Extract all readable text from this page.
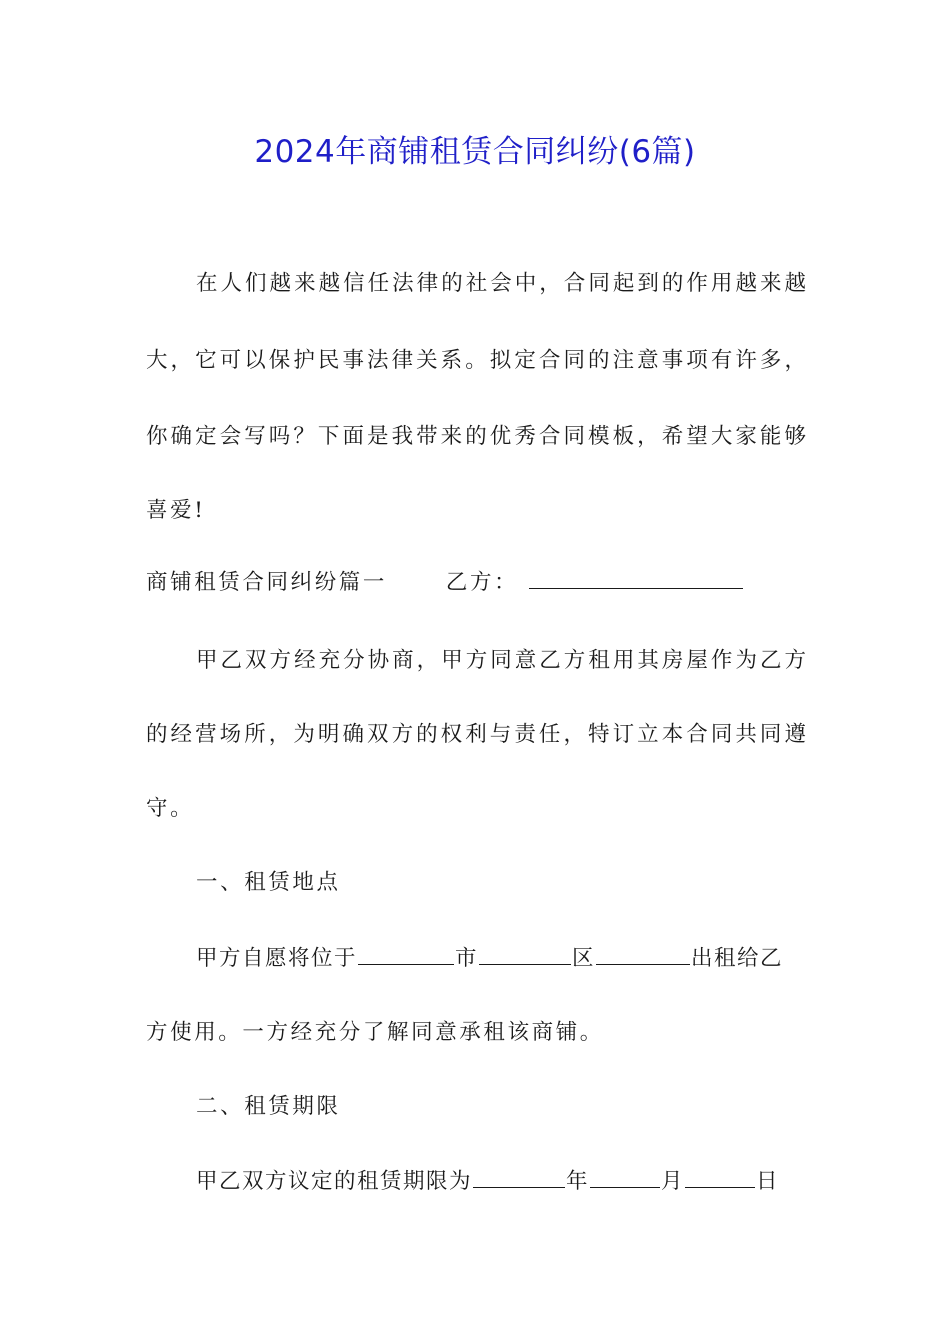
2024年商铺租赁合同纠纷(6篇)
在人们越来越信任法律的社会中，合同起到的作用越来越
大，它可以保护民事法律关系。拟定合同的注意事项有许多，
你确定会写吗？下面是我带来的优秀合同模板，希望大家能够
喜爱!
商铺租赁合同纠纷篇一	乙方：
甲乙双方经充分协商，甲方同意乙方租用其房屋作为乙方
的经营场所，为明确双方的权利与责任，特订立本合同共同遵
守。
一、租赁地点
甲方自愿将位于	市	区	出租给乙
方使用。一方经充分了解同意承租该商铺。
二、租赁期限
甲乙双方议定的租赁期限为	年	月	日
